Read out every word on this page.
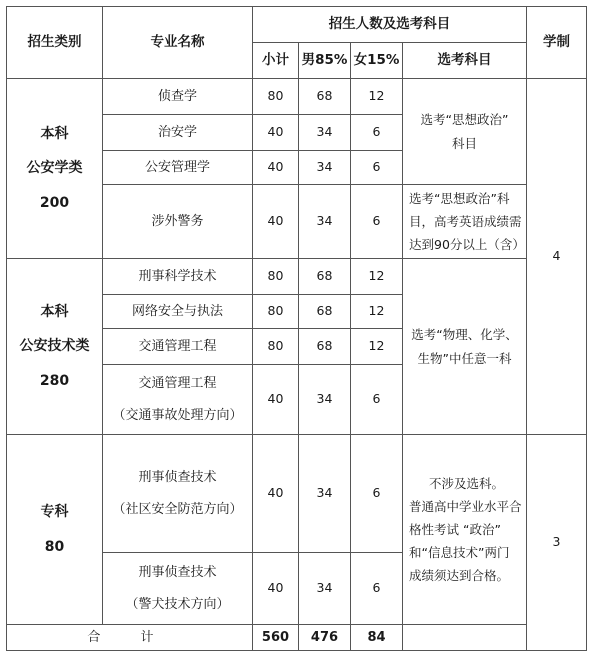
招生类别	专业名称	招生人数及选考科目				学制
		小计	男85%	女15%	选考科目	

本科
公安学类
200	侦查学	80	68	12	选考“思想政治”
科目	4

	治安学	40	34	6		

	公安管理学	40	34	6		

	涉外警务	40	34	6	选考“思想政治”科
目，高考英语成绩需
达到90分以上（含）	

本科
公安技术类
280	刑事科学技术	80	68	12	选考“物理、化学、
生物”中任意一科	

	网络安全与执法	80	68	12		

	交通管理工程	80	68	12		

	交通管理工程
（交通事故处理方向）	40	34	6		

专科
80	刑事侦查技术
（社区安全防范方向）	40	34	6	不涉及选科。
普通高中学业水平合
格性考试 “政治”
和“信息技术”两门
成绩须达到合格。	3

	刑事侦查技术
（警犬技术方向）	40	34	6		
合 计		560	476	84		
